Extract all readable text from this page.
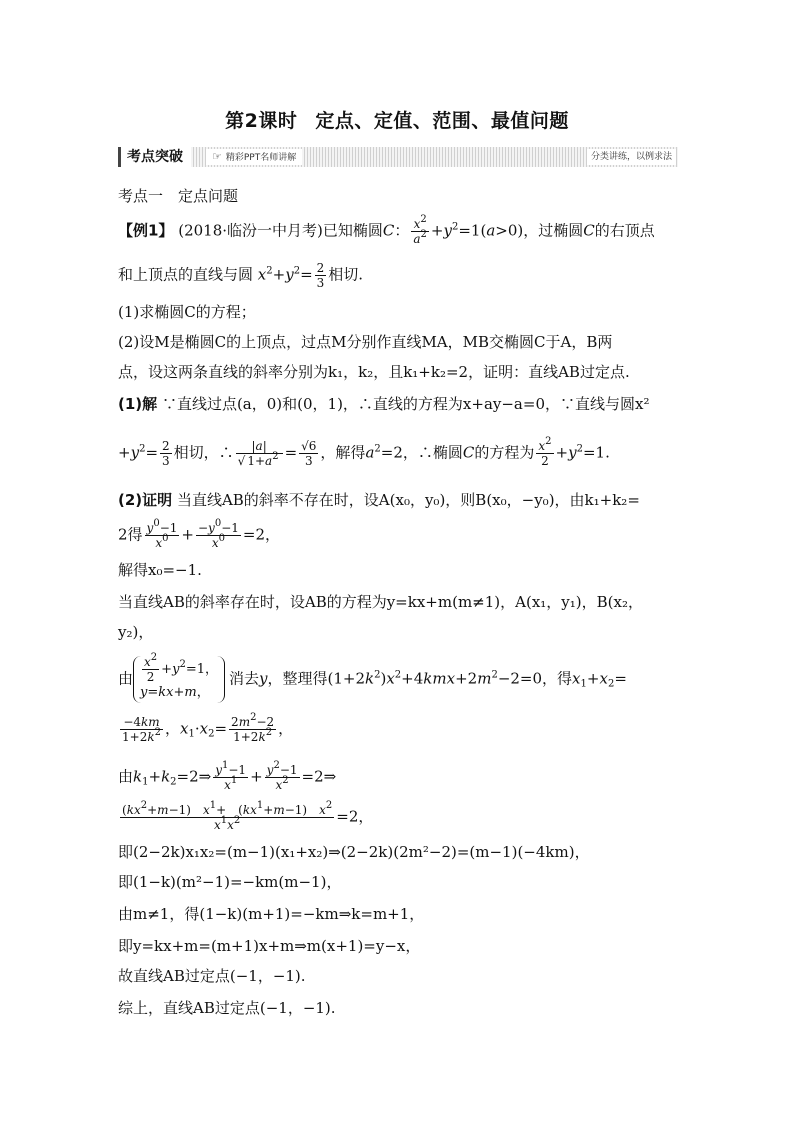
第2课时 定点、定值、范围、最值问题
考点突破	☞ 精彩PPT名师讲解	分类讲练，以例求法
考点一　定点问题
【例1】 (2018·临汾一中月考)已知椭圆C： $\frac{x^2}{a^2} +y^2=1(a>0)$，过椭圆C的右顶点
和上顶点的直线与圆 $x^2+y^2= \frac{2}{3}$ 相切.
(1)求椭圆C的方程；
(2)设M是椭圆C的上顶点，过点M分别作直线MA，MB交椭圆C于A，B两
点，设这两条直线的斜率分别为k₁，k₂，且k₁+k₂=2，证明：直线AB过定点.
(1)解 ∵直线过点(a，0)和(0，1)，∴直线的方程为x+ay−a=0，∵直线与圆x²
$+y^2= \frac{2}{3}$ 相切，∴ $\frac{|a|}{√ 1+a^2} = \frac{√6}{3}$ ，解得$a^2=2$，∴椭圆C的方程为 $\frac{x^2}{2} +y^2=1$.
(2)证明 当直线AB的斜率不存在时，设A(x₀，y₀)，则B(x₀，−y₀)，由k₁+k₂=
2得 $\frac{y^0-1}{x^0} + \frac{-y^0-1}{x^0} =2$，
解得x₀=−1.
当直线AB的斜率存在时，设AB的方程为y=kx+m(m≠1)，A(x₁，y₁)，B(x₂，
y₂)，
由 $\frac{x^2}{2} +y^2=1$，
y=kx+m，
消去y，整理得$(1+2k^2)x^2+4kmx+2m^2-2=0$，得$x_1+x_2=$
$\frac{-4km}{1+2k^2}$ ，$x_1\cdot x_2= \frac{2m^2-2}{1+2k^2}$ ，
由$k_1+k_2=2\Rightarrow \frac{y^1-1}{x^1} + \frac{y^2-1}{x^2}$ =2⇒
$\frac{(kx^2+m-1) x^1+ (kx^1+m-1) x^2}{x^1x^2} =2$，
即(2−2k)x₁x₂=(m−1)(x₁+x₂)⇒(2−2k)(2m²−2)=(m−1)(−4km)，
即(1−k)(m²−1)=−km(m−1)，
由m≠1，得(1−k)(m+1)=−km⇒k=m+1，
即y=kx+m=(m+1)x+m⇒m(x+1)=y−x，
故直线AB过定点(−1，−1).
综上，直线AB过定点(−1，−1).
